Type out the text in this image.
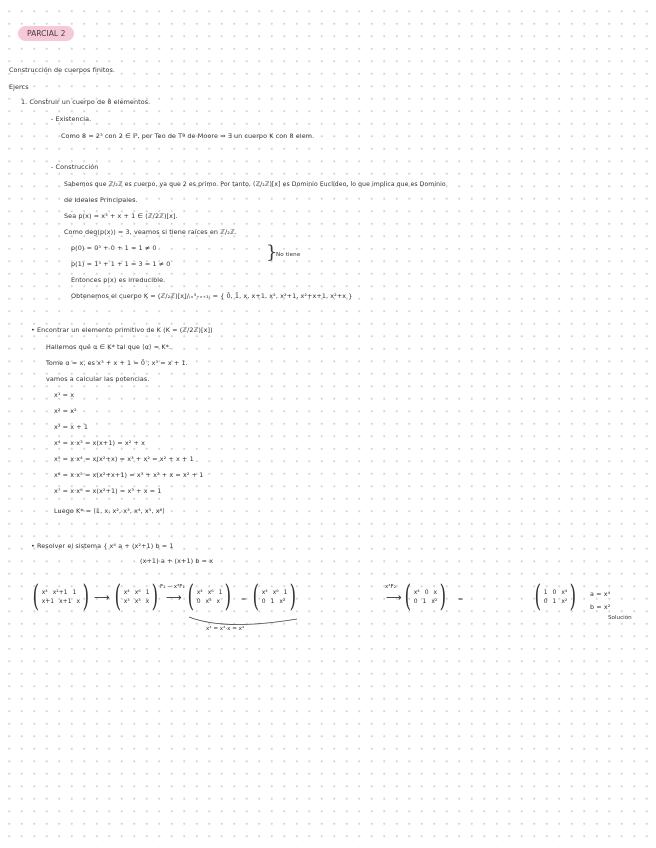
PARCIAL 2
Construcción de cuerpos finitos.
Ejercs
1. Construir un cuerpo de 8 elementos.
- Existencia.
Como 8 = 2³ con 2 ∈ ℙ, por Teo de Tª de Moore ⇒ ∃ un cuerpo K con 8 elem.
- Construcción
Sabemos que ℤ/₂ℤ es cuerpo, ya que 2 es primo. Por tanto, (ℤ/₂ℤ)[x] es Dominio Euclídeo, lo que implica que es Dominio
de Ideales Principales.
Sea p(x) = x³ + x + 1 ∈ (ℤ/2ℤ)[x].
Como deg(p(x)) = 3, veamos si tiene raíces en ℤ/₂ℤ.
p(0) = 0³ + 0 + 1 = 1 ≠ 0
p(1) = 1³ + 1 + 1 = 3 = 1 ≠ 0
}
No tiene
Entonces p(x) es irreducible.
Obtenemos el cuerpo K = (ℤ/₂ℤ)[x]/₍ₓ³₊ₓ₊₁₎ = { 0̄, 1̄, x, x+1, x², x²+1, x²+x+1, x²+x }
• Encontrar un elemento primitivo de K (K = (ℤ/2ℤ)[x])
Hallemos qué α ∈ K* tal que ⟨α⟩ = K*.
Tome α = x, es x³ + x + 1 = 0̄ ; x³ = x + 1.
vamos a calcular las potencias.
x¹ = x
x² = x²
x³ = x + 1
x⁴ = x·x³ = x(x+1) = x² + x
x⁵ = x·x⁴ = x(x²+x) = x³ + x² = x² + x + 1
x⁶ = x·x⁵ = x(x²+x+1) = x³ + x² + x = x² + 1
x⁷ = x·x⁶ = x(x²+1) = x³ + x = 1
Luego K* = ⟨1, x, x², x³, x⁴, x⁵, x⁶⟩
• Resolver el sistema { x⁴ a + (x²+1) b = 1
(x+1) a + (x+1) b = x
( x⁴ x²+1 1
x+1 x+1 x ) ⟶ ( x⁴ x⁶ 1
x³ x³ x ) F₂ − x³F₁
⟶ ( x⁴ x⁶ 1
0 x³ x ) = ( x⁴ x⁶ 1
0 1 x² )	x⁴F₂
⟶ ( x⁴ 0 x
0 1 x² ) = ( 1 0 x⁴
0 1 x² ) a = x⁴
b = x²
Solución
x⁴ = x³·x = x⁴
